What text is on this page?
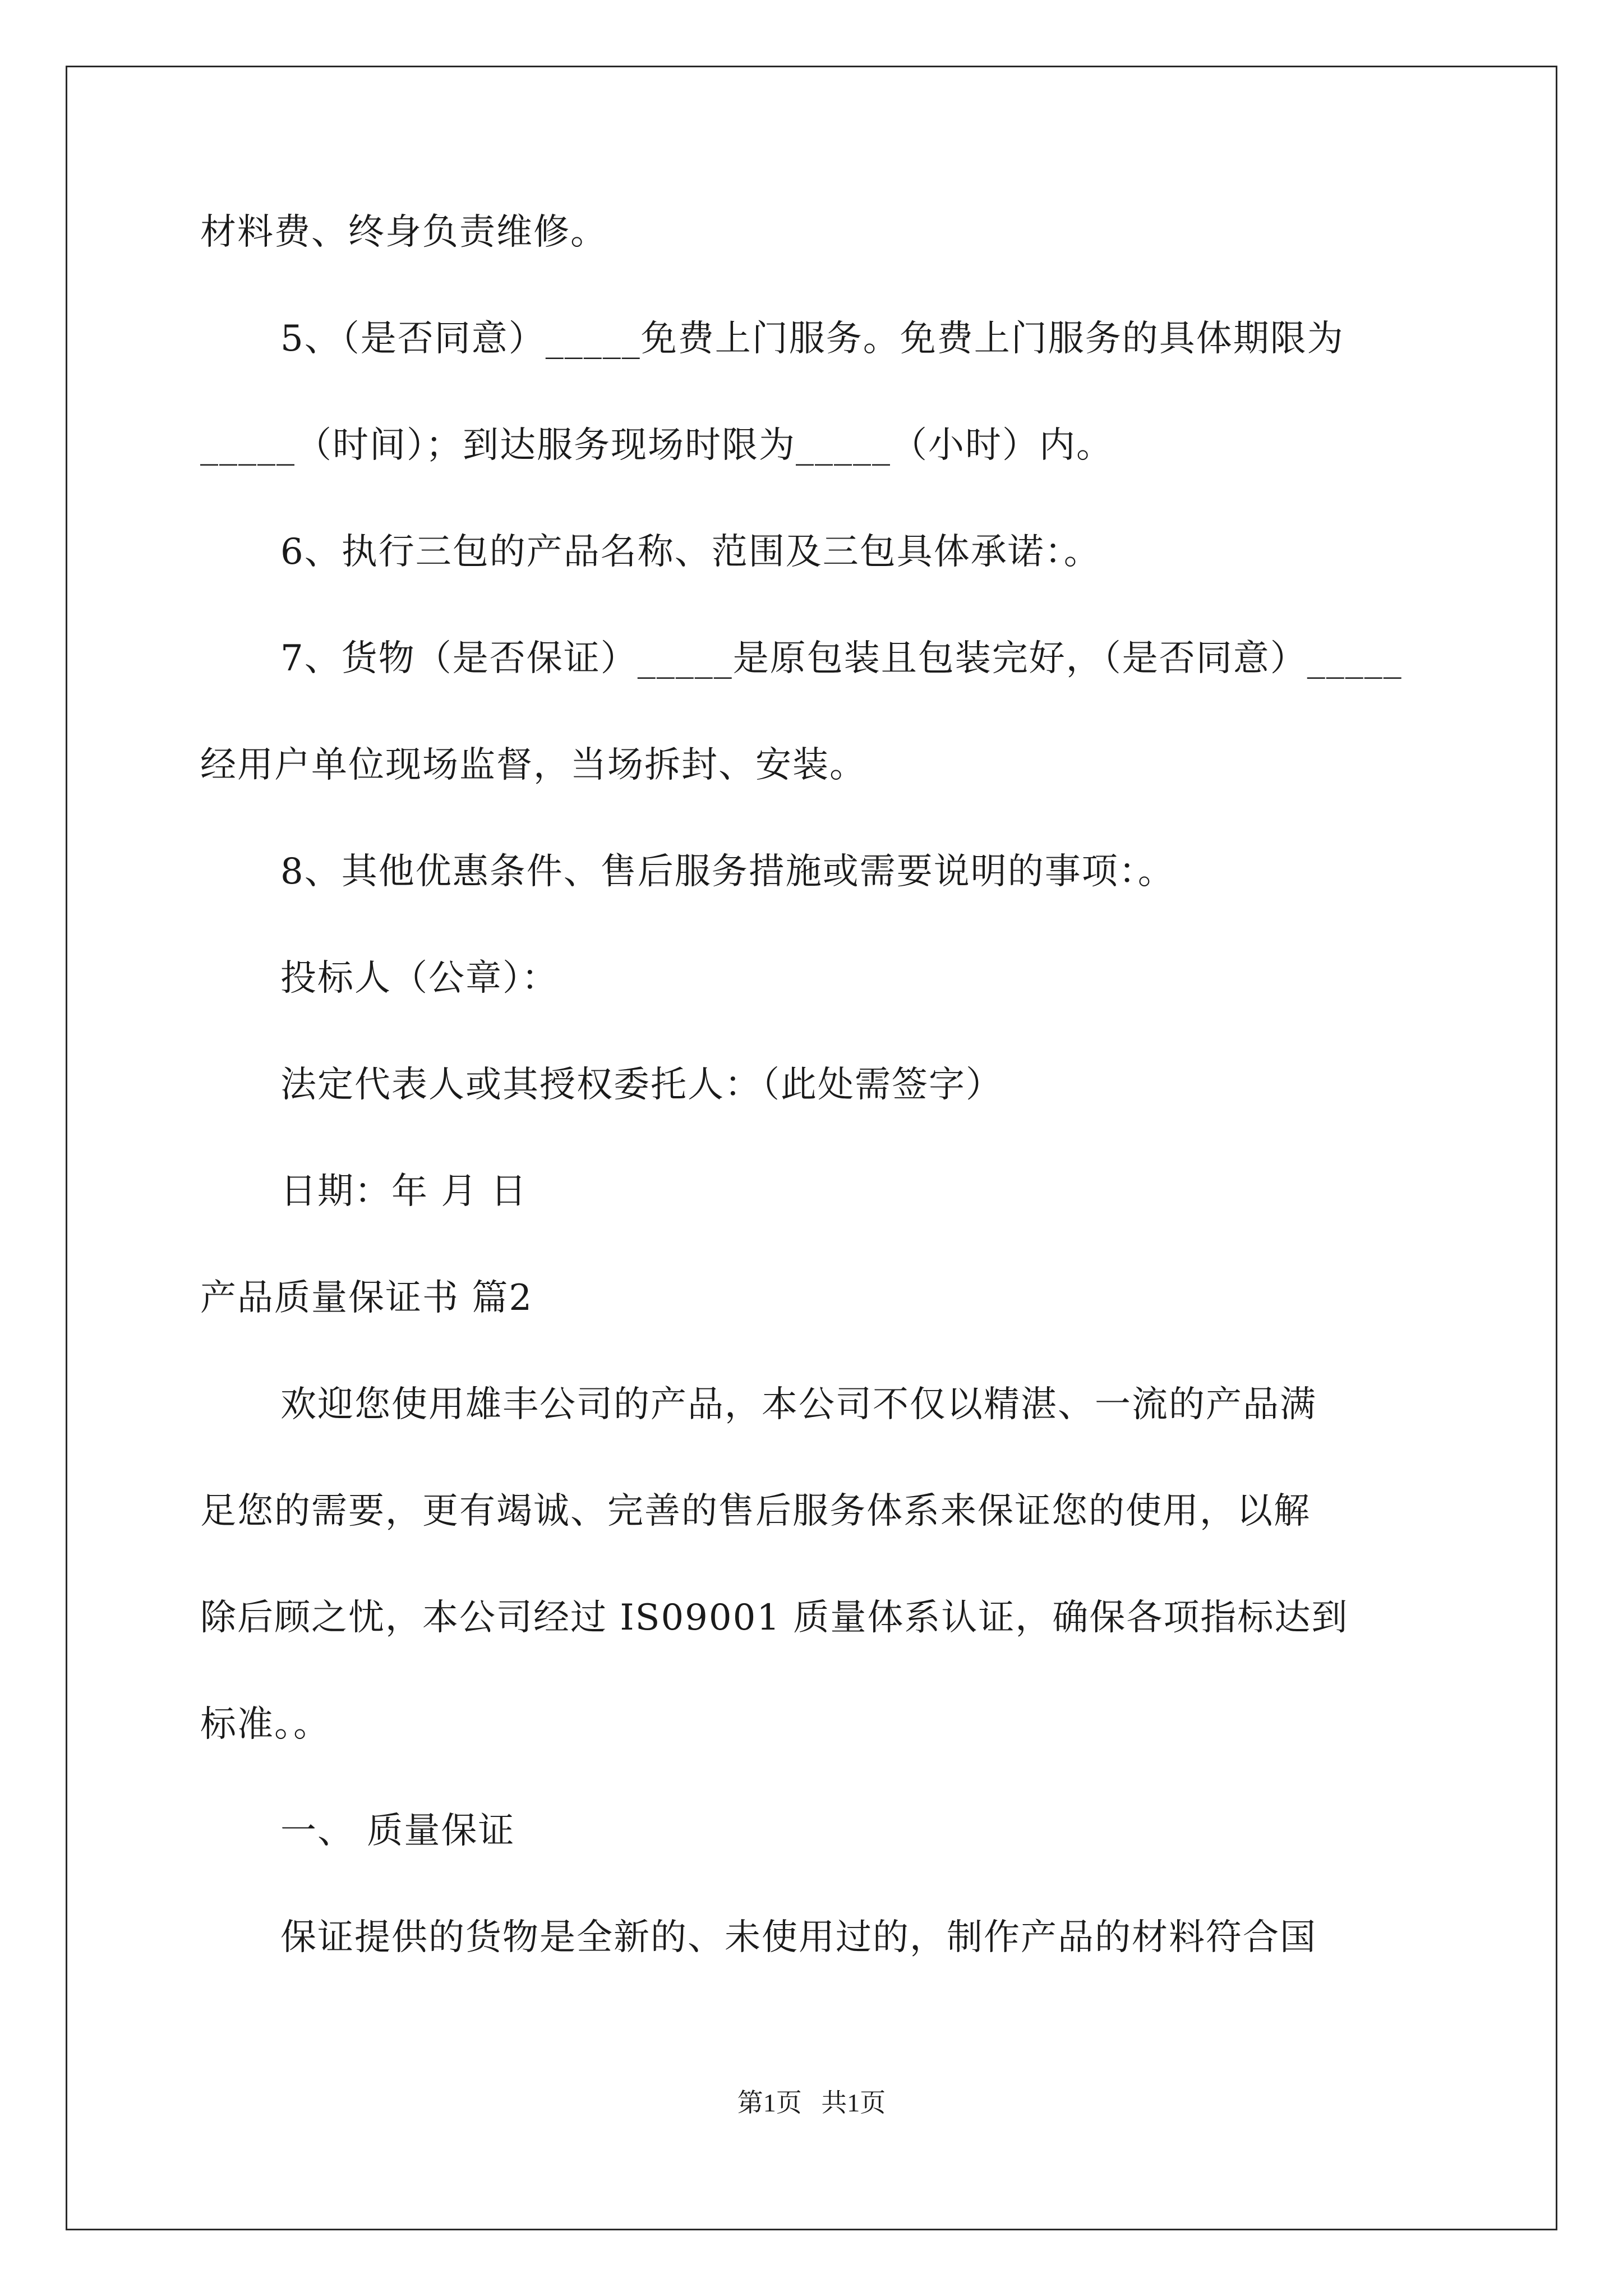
材料费、终身负责维修。
5、（是否同意）_____免费上门服务。免费上门服务的具体期限为
_____（时间）；到达服务现场时限为_____（小时）内。
6、执行三包的产品名称、范围及三包具体承诺：。
7、货物（是否保证）_____是原包装且包装完好，（是否同意）_____
经用户单位现场监督，当场拆封、安装。
8、其他优惠条件、售后服务措施或需要说明的事项：。
投标人（公章）：
法定代表人或其授权委托人：（此处需签字）
日期：年 月 日
产品质量保证书 篇2
欢迎您使用雄丰公司的产品，本公司不仅以精湛、一流的产品满
足您的需要，更有竭诚、完善的售后服务体系来保证您的使用，以解
除后顾之忧，本公司经过 IS09001 质量体系认证，确保各项指标达到
标准。。
一、 质量保证
保证提供的货物是全新的、未使用过的，制作产品的材料符合国
第1页   共1页
